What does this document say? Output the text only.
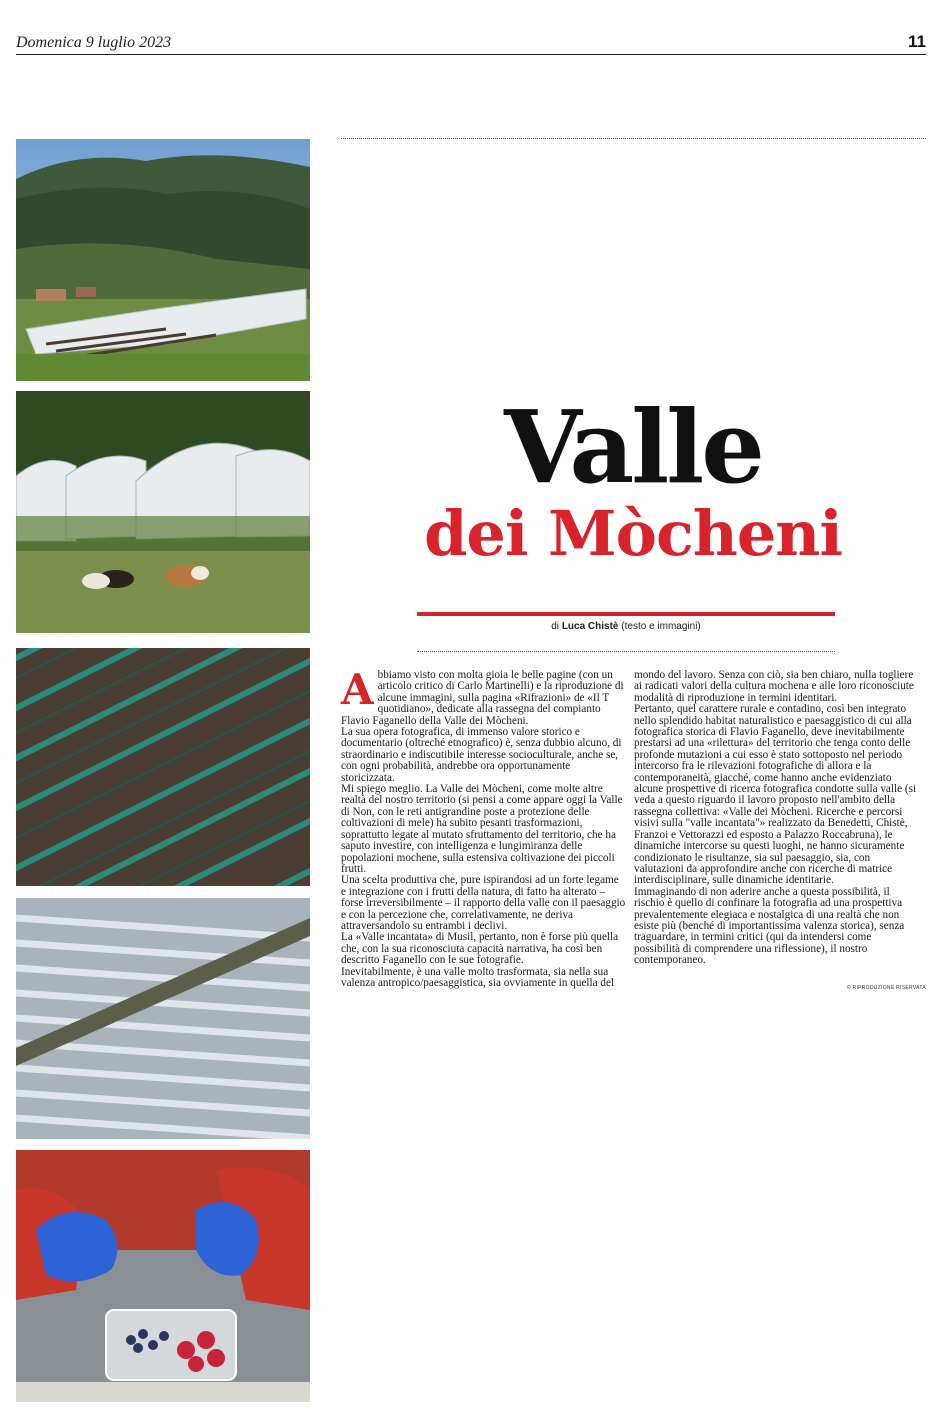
Domenica 9 luglio 2023	11
Valle
dei Mòcheni
di Luca Chistè (testo e immagini)
A bbiamo visto con molta gioia le belle pagine (con un articolo critico di Carlo Martinelli) e la riproduzione di alcune immagini, sulla pagina «Rifrazioni» de «Il T quotidiano», dedicate alla rassegna del compianto Flavio Faganello della Valle dei Mòcheni.

La sua opera fotografica, di immenso valore storico e documentario (oltreché etnografico) è, senza dubbio alcuno, di straordinario e indiscutibile interesse socioculturale, anche se, con ogni probabilità, andrebbe ora opportunamente storicizzata.

Mi spiego meglio. La Valle dei Mòcheni, come molte altre realtà del nostro territorio (si pensi a come appare oggi la Valle di Non, con le reti antigrandine poste a protezione delle coltivazioni di mele) ha subito pesanti trasformazioni, soprattutto legate al mutato sfruttamento del territorio, che ha saputo investire, con intelligenza e lungimiranza delle popolazioni mochene, sulla estensiva coltivazione dei piccoli frutti.

Una scelta produttiva che, pure ispirandosi ad un forte legame e integrazione con i frutti della natura, di fatto ha alterato – forse irreversibilmente – il rapporto della valle con il paesaggio e con la percezione che, correlativamente, ne deriva attraversandolo su entrambi i declivi.

La «Valle incantata» di Musil, pertanto, non è forse più quella che, con la sua riconosciuta capacità narrativa, ha così ben descritto Faganello con le sue fotografie.

Inevitabilmente, è una valle molto trasformata, sia nella sua valenza antropico/paesaggistica, sia ovviamente in quella del

mondo del lavoro. Senza con ciò, sia ben chiaro, nulla togliere ai radicati valori della cultura mochena e alle loro riconosciute modalità di riproduzione in termini identitari.

Pertanto, quel carattere rurale e contadino, così ben integrato nello splendido habitat naturalistico e paesaggistico di cui alla fotografica storica di Flavio Faganello, deve inevitabilmente prestarsi ad una «rilettura» del territorio che tenga conto delle profonde mutazioni a cui esso è stato sottoposto nel periodo intercorso fra le rilevazioni fotografiche di allora e la contemporaneità, giacché, come hanno anche evidenziato alcune prospettive di ricerca fotografica condotte sulla valle (si veda a questo riguardo il lavoro proposto nell'ambito della rassegna collettiva: «Valle dei Mòcheni. Ricerche e percorsi visivi sulla "valle incantata"» realizzato da Benedetti, Chistè, Franzoi e Vettorazzi ed esposto a Palazzo Roccabruna), le dinamiche intercorse su questi luoghi, ne hanno sicuramente condizionato le risultanze, sia sul paesaggio, sia, con valutazioni da approfondire anche con ricerche di matrice interdisciplinare, sulle dinamiche identitarie.

Immaginando di non aderire anche a questa possibilità, il rischio è quello di confinare la fotografia ad una prospettiva prevalentemente elegiaca e nostalgica di una realtà che non esiste più (benché di importantissima valenza storica), senza traguardare, in termini critici (qui da intendersi come possibilità di comprendere una riflessione), il nostro contemporaneo.

© RIPRODUZIONE RISERVATA
